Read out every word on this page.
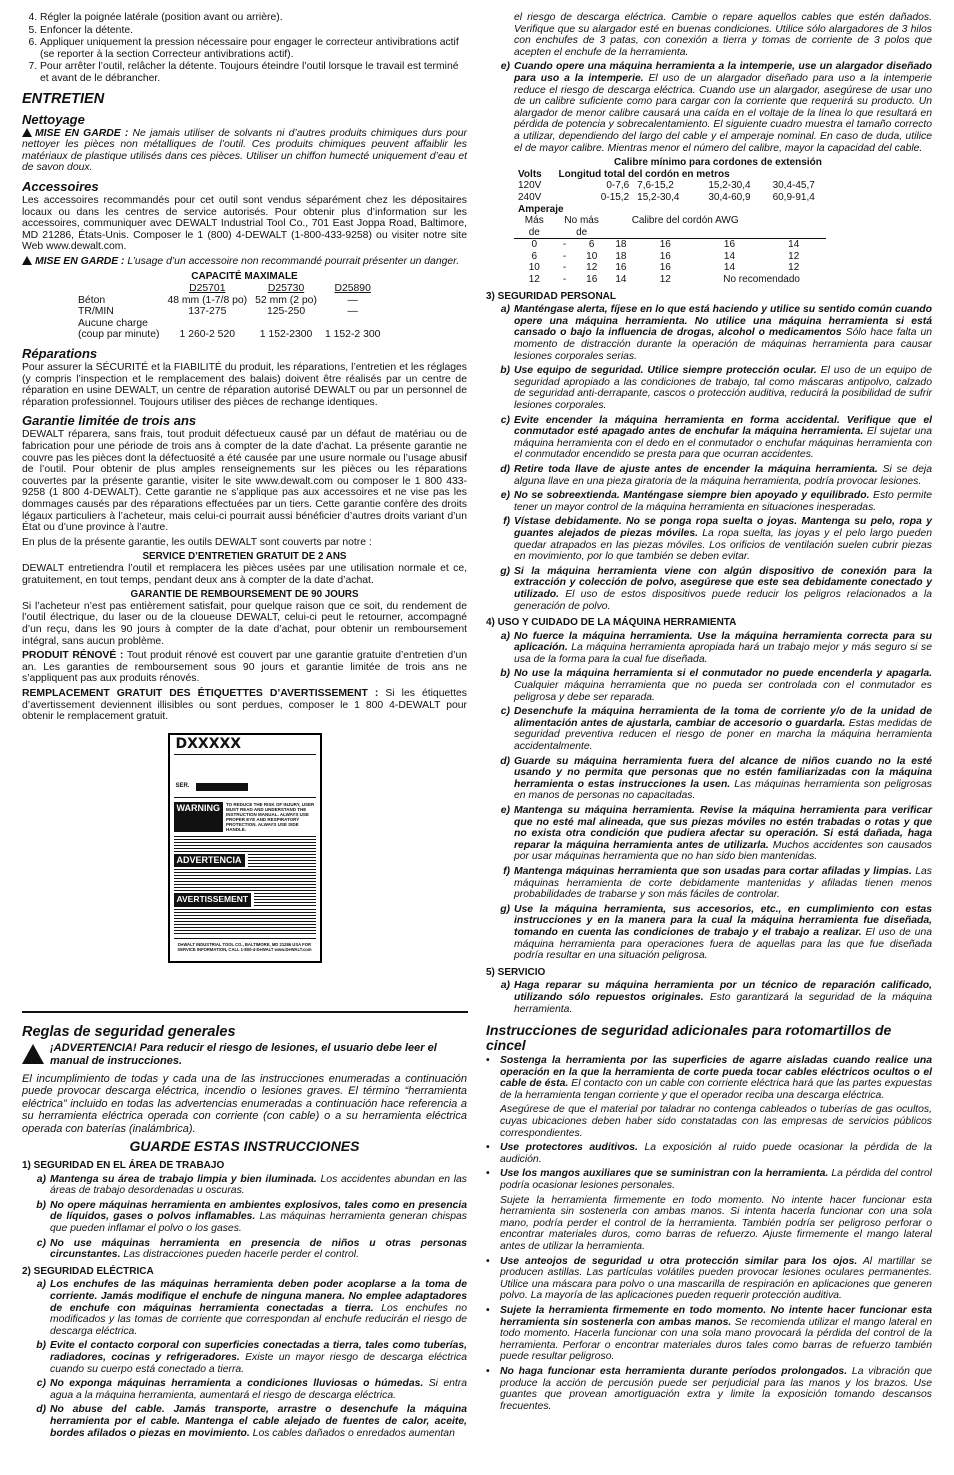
4. Régler la poignée latérale (position avant ou arrière).
5. Enfoncer la détente.
6. Appliquer uniquement la pression nécessaire pour engager le correcteur antivibrations actif (se reporter à la section Correcteur antivibrations actif).
7. Pour arrêter l’outil, relâcher la détente. Toujours éteindre l’outil lorsque le travail est terminé et avant de le débrancher.
ENTRETIEN
Nettoyage

MISE EN GARDE : Ne jamais utiliser de solvants ni d’autres produits chimiques durs pour nettoyer les pièces non métalliques de l’outil. Ces produits chimiques peuvent affaiblir les matériaux de plastique utilisés dans ces pièces. Utiliser un chiffon humecté uniquement d’eau et de savon doux.

Accessoires

Les accessoires recommandés pour cet outil sont vendus séparément chez les dépositaires locaux ou dans les centres de service autorisés. Pour obtenir plus d’information sur les accessoires, communiquer avec DEWALT Industrial Tool Co., 701 East Joppa Road, Baltimore, MD 21286, États-Unis. Composer le 1 (800) 4-DEWALT (1-800-433-9258) ou visiter notre site Web www.dewalt.com.

MISE EN GARDE : L’usage d’un accessoire non recommandé pourrait présenter un danger.

CAPACITÉ MAXIMALE
	D25701	D25730	D25890
Béton	48 mm (1-7/8 po)	52 mm (2 po)	—
TR/MIN	137-275	125-250	—
Aucune charge			
(coup par minute)	1 260-2 520	1 152-2300	1 152-2 300
Réparations

Pour assurer la SÉCURITÉ et la FIABILITÉ du produit, les réparations, l’entretien et les réglages (y compris l’inspection et le remplacement des balais) doivent être réalisés par un centre de réparation en usine DEWALT, un centre de réparation autorisé DEWALT ou par un personnel de réparation professionnel. Toujours utiliser des pièces de rechange identiques.

Garantie limitée de trois ans

DEWALT réparera, sans frais, tout produit défectueux causé par un défaut de matériau ou de fabrication pour une période de trois ans à compter de la date d’achat. La présente garantie ne couvre pas les pièces dont la défectuosité a été causée par une usure normale ou l’usage abusif de l’outil. Pour obtenir de plus amples renseignements sur les pièces ou les réparations couvertes par la présente garantie, visiter le site www.dewalt.com ou composer le 1 800 433-9258 (1 800 4-DEWALT). Cette garantie ne s’applique pas aux accessoires et ne vise pas les dommages causés par des réparations effectuées par un tiers. Cette garantie confère des droits légaux particuliers à l’acheteur, mais celui-ci pourrait aussi bénéficier d’autres droits variant d’un État ou d’une province à l’autre.

En plus de la présente garantie, les outils DEWALT sont couverts par notre :

SERVICE D’ENTRETIEN GRATUIT DE 2 ANS

DEWALT entretiendra l’outil et remplacera les pièces usées par une utilisation normale et ce, gratuitement, en tout temps, pendant deux ans à compter de la date d’achat.

GARANTIE DE REMBOURSEMENT DE 90 JOURS

Si l’acheteur n’est pas entièrement satisfait, pour quelque raison que ce soit, du rendement de l’outil électrique, du laser ou de la cloueuse DEWALT, celui-ci peut le retourner, accompagné d’un reçu, dans les 90 jours à compter de la date d’achat, pour obtenir un remboursement intégral, sans aucun problème.

PRODUIT RÉNOVÉ : Tout produit rénové est couvert par une garantie gratuite d’entretien d’un an. Les garanties de remboursement sous 90 jours et garantie limitée de trois ans ne s’appliquent pas aux produits rénovés.

REMPLACEMENT GRATUIT DES ÉTIQUETTES D’AVERTISSEMENT : Si les étiquettes d’avertissement deviennent illisibles ou sont perdues, composer le 1 800 4-DEWALT pour obtenir le remplacement gratuit.

DXXXXX
SER.
WARNING	TO REDUCE THE RISK OF INJURY, USER MUST READ AND UNDERSTAND THE INSTRUCTION MANUAL. ALWAYS USE PROPER EYE AND RESPIRATORY PROTECTION. ALWAYS USE SIDE HANDLE.
ADVERTENCIA
AVERTISSEMENT
DeWALT INDUSTRIAL TOOL CO., BALTIMORE, MD 21286 USA FOR SERVICE INFORMATION, CALL 1-800-4-DeWALT www.DeWALT.com
Reglas de seguridad generales
¡ADVERTENCIA! Para reducir el riesgo de lesiones, el usuario debe leer el manual de instrucciones.

El incumplimiento de todas y cada una de las instrucciones enumeradas a continuación puede provocar descarga eléctrica, incendio o lesiones graves. El término “herramienta eléctrica” incluido en todas las advertencias enumeradas a continuación hace referencia a su herramienta eléctrica operada con corriente (con cable) o a su herramienta eléctrica operada con baterías (inalámbrica).

GUARDE ESTAS INSTRUCCIONES
1) SEGURIDAD EN EL ÁREA DE TRABAJO
a) Mantenga su área de trabajo limpia y bien iluminada. Los accidentes abundan en las áreas de trabajo desordenadas u oscuras.
b) No opere máquinas herramienta en ambientes explosivos, tales como en presencia de líquidos, gases o polvos inflamables. Las máquinas herramienta generan chispas que pueden inflamar el polvo o los gases.
c) No use máquinas herramienta en presencia de niños u otras personas circunstantes. Las distracciones pueden hacerle perder el control.
2) SEGURIDAD ELÉCTRICA
a) Los enchufes de las máquinas herramienta deben poder acoplarse a la toma de corriente. Jamás modifique el enchufe de ninguna manera. No emplee adaptadores de enchufe con máquinas herramienta conectadas a tierra. Los enchufes no modificados y las tomas de corriente que correspondan al enchufe reducirán el riesgo de descarga eléctrica.
b) Evite el contacto corporal con superficies conectadas a tierra, tales como tuberías, radiadores, cocinas y refrigeradores. Existe un mayor riesgo de descarga eléctrica cuando su cuerpo está conectado a tierra.
c) No exponga máquinas herramienta a condiciones lluviosas o húmedas. Si entra agua a la máquina herramienta, aumentará el riesgo de descarga eléctrica.
d) No abuse del cable. Jamás transporte, arrastre o desenchufe la máquina herramienta por el cable. Mantenga el cable alejado de fuentes de calor, aceite, bordes afilados o piezas en movimiento. Los cables dañados o enredados aumentan

el riesgo de descarga eléctrica. Cambie o repare aquellos cables que estén dañados. Verifique que su alargador esté en buenas condiciones. Utilice sólo alargadores de 3 hilos con enchufes de 3 patas, con conexión a tierra y tomas de corriente de 3 polos que acepten el enchufe de la herramienta.

e) Cuando opere una máquina herramienta a la intemperie, use un alargador diseñado para uso a la intemperie. El uso de un alargador diseñado para uso a la intemperie reduce el riesgo de descarga eléctrica. Cuando use un alargador, asegúrese de usar uno de un calibre suficiente como para cargar con la corriente que requerirá su producto. Un alargador de menor calibre causará una caída en el voltaje de la línea lo que resultará en pérdida de potencia y sobrecalentamiento. El siguiente cuadro muestra el tamaño correcto a utilizar, dependiendo del largo del cable y el amperaje nominal. En caso de duda, utilice el de mayor calibre. Mientras menor el número del calibre, mayor la capacidad del cable.
Calibre mínimo para cordones de extensión						
Volts	Longitud total del cordón en metros					
120V	0-7,6			7,6-15,2	15,2-30,4	30,4-45,7
240V	0-15,2			15,2-30,4	30,4-60,9	60,9-91,4
Amperaje						
Más	No más		Calibre del cordón AWG			
de	de					
0	-	6	18	16	16	14
6	-	10	18	16	14	12
10	-	12	16	16	14	12
12	-	16	14	12	No recomendado	
3) SEGURIDAD PERSONAL
a) Manténgase alerta, fíjese en lo que está haciendo y utilice su sentido común cuando opere una máquina herramienta. No utilice una máquina herramienta si está cansado o bajo la influencia de drogas, alcohol o medicamentos Sólo hace falta un momento de distracción durante la operación de máquinas herramienta para causar lesiones corporales serias.
b) Use equipo de seguridad. Utilice siempre protección ocular. El uso de un equipo de seguridad apropiado a las condiciones de trabajo, tal como máscaras antipolvo, calzado de seguridad anti-derrapante, cascos o protección auditiva, reducirá la posibilidad de sufrir lesiones corporales.
c) Evite encender la máquina herramienta en forma accidental. Verifique que el conmutador esté apagado antes de enchufar la máquina herramienta. El sujetar una máquina herramienta con el dedo en el conmutador o enchufar máquinas herramienta con el conmutador encendido se presta para que ocurran accidentes.
d) Retire toda llave de ajuste antes de encender la máquina herramienta. Si se deja alguna llave en una pieza giratoria de la máquina herramienta, podría provocar lesiones.
e) No se sobreextienda. Manténgase siempre bien apoyado y equilibrado. Esto permite tener un mayor control de la máquina herramienta en situaciones inesperadas.
f) Vístase debidamente. No se ponga ropa suelta o joyas. Mantenga su pelo, ropa y guantes alejados de piezas móviles. La ropa suelta, las joyas y el pelo largo pueden quedar atrapados en las piezas móviles. Los orificios de ventilación suelen cubrir piezas en movimiento, por lo que también se deben evitar.
g) Si la máquina herramienta viene con algún dispositivo de conexión para la extracción y colección de polvo, asegúrese que este sea debidamente conectado y utilizado. El uso de estos dispositivos puede reducir los peligros relacionados a la generación de polvo.
4) USO Y CUIDADO DE LA MÁQUINA HERRAMIENTA
a) No fuerce la máquina herramienta. Use la máquina herramienta correcta para su aplicación. La máquina herramienta apropiada hará un trabajo mejor y más seguro si se usa de la forma para la cual fue diseñada.
b) No use la máquina herramienta si el conmutador no puede encenderla y apagarla. Cualquier máquina herramienta que no pueda ser controlada con el conmutador es peligrosa y debe ser reparada.
c) Desenchufe la máquina herramienta de la toma de corriente y/o de la unidad de alimentación antes de ajustarla, cambiar de accesorio o guardarla. Estas medidas de seguridad preventiva reducen el riesgo de poner en marcha la máquina herramienta accidentalmente.
d) Guarde su máquina herramienta fuera del alcance de niños cuando no la esté usando y no permita que personas que no estén familiarizadas con la máquina herramienta o estas instrucciones la usen. Las máquinas herramienta son peligrosas en manos de personas no capacitadas.
e) Mantenga su máquina herramienta. Revise la máquina herramienta para verificar que no esté mal alineada, que sus piezas móviles no estén trabadas o rotas y que no exista otra condición que pudiera afectar su operación. Si está dañada, haga reparar la máquina herramienta antes de utilizarla. Muchos accidentes son causados por usar máquinas herramienta que no han sido bien mantenidas.
f) Mantenga máquinas herramienta que son usadas para cortar afiladas y limpias. Las máquinas herramienta de corte debidamente mantenidas y afiladas tienen menos probabilidades de trabarse y son más fáciles de controlar.
g) Use la máquina herramienta, sus accesorios, etc., en cumplimiento con estas instrucciones y en la manera para la cual la máquina herramienta fue diseñada, tomando en cuenta las condiciones de trabajo y el trabajo a realizar. El uso de una máquina herramienta para operaciones fuera de aquellas para las que fue diseñada podría resultar en una situación peligrosa.
5) SERVICIO
a) Haga reparar su máquina herramienta por un técnico de reparación calificado, utilizando sólo repuestos originales. Esto garantizará la seguridad de la máquina herramienta.
Instrucciones de seguridad adicionales para rotomartillos de cincel
• Sostenga la herramienta por las superficies de agarre aisladas cuando realice una operación en la que la herramienta de corte pueda tocar cables eléctricos ocultos o el cable de ésta. El contacto con un cable con corriente eléctrica hará que las partes expuestas de la herramienta tengan corriente y que el operador reciba una descarga eléctrica.

Asegúrese de que el material por taladrar no contenga cableados o tuberías de gas ocultos, cuyas ubicaciones deben haber sido constatadas con las empresas de servicios públicos correspondientes.

• Use protectores auditivos. La exposición al ruido puede ocasionar la pérdida de la audición.
• Use los mangos auxiliares que se suministran con la herramienta. La pérdida del control podría ocasionar lesiones personales.

Sujete la herramienta firmemente en todo momento. No intente hacer funcionar esta herramienta sin sostenerla con ambas manos. Si intenta hacerla funcionar con una sola mano, podría perder el control de la herramienta. También podría ser peligroso perforar o encontrar materiales duros, como barras de refuerzo. Ajuste firmemente el mango lateral antes de utilizar la herramienta.

• Use anteojos de seguridad u otra protección similar para los ojos. Al martillar se producen astillas. Las partículas volátiles pueden provocar lesiones oculares permanentes. Utilice una máscara para polvo o una mascarilla de respiración en aplicaciones que generen polvo. La mayoría de las aplicaciones pueden requerir protección auditiva.
• Sujete la herramienta firmemente en todo momento. No intente hacer funcionar esta herramienta sin sostenerla con ambas manos. Se recomienda utilizar el mango lateral en todo momento. Hacerla funcionar con una sola mano provocará la pérdida del control de la herramienta. Perforar o encontrar materiales duros tales como barras de refuerzo también puede resultar peligroso.
• No haga funcionar esta herramienta durante períodos prolongados. La vibración que produce la acción de percusión puede ser perjudicial para las manos y los brazos. Use guantes que provean amortiguación extra y limite la exposición tomando descansos frecuentes.
